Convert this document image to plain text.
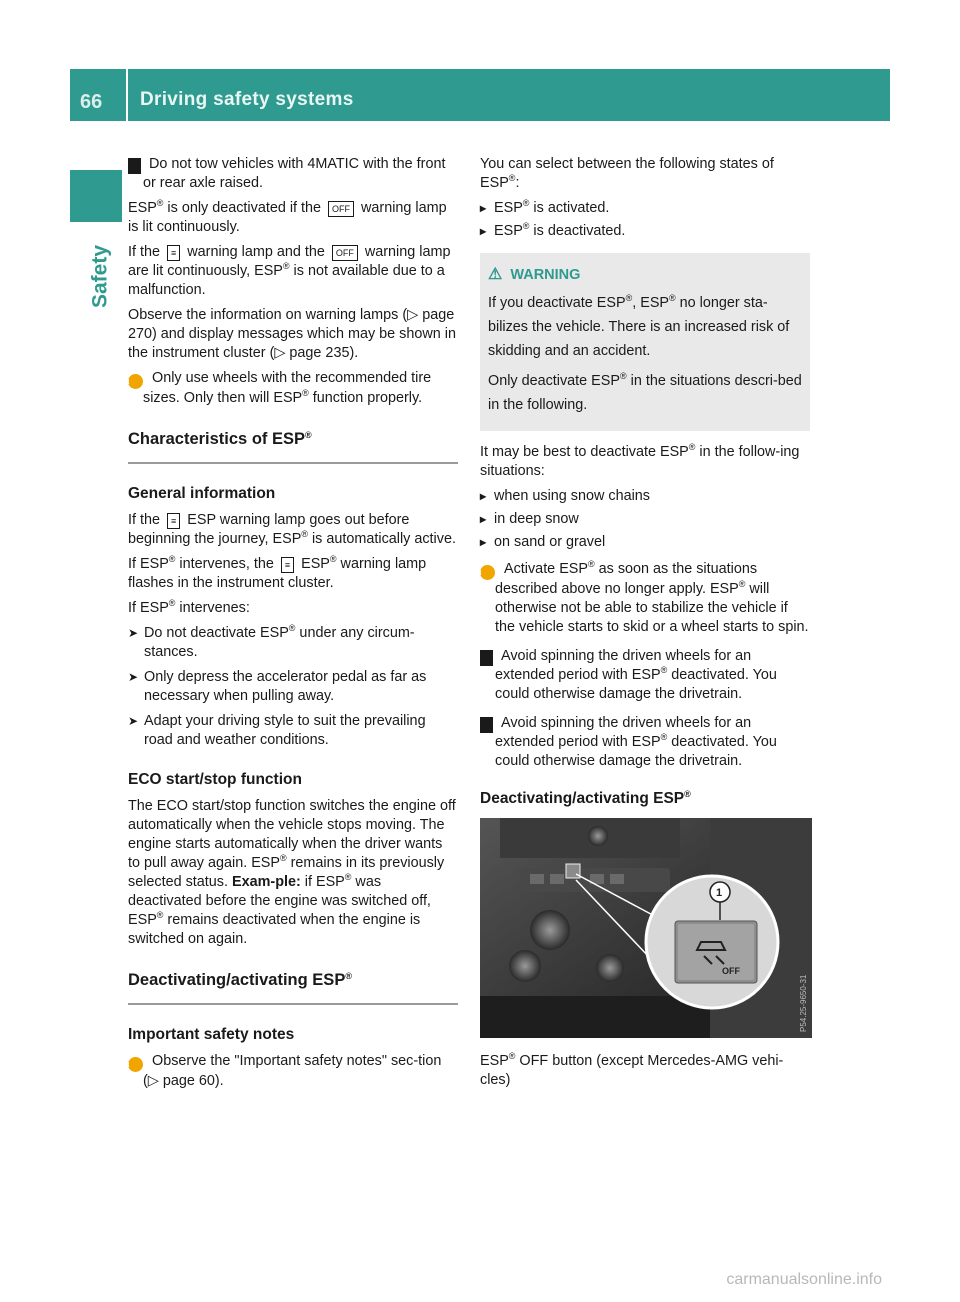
66 Driving safety systems
Safety

! Do not tow vehicles with 4MATIC with the front or rear axle raised.

ESP® is only deactivated if the OFF warning lamp is lit continuously.

If the ≡ warning lamp and the OFF warning lamp are lit continuously, ESP® is not available due to a malfunction.

Observe the information on warning lamps (▷ page 270) and display messages which may be shown in the instrument cluster (▷ page 235).

i Only use wheels with the recommended tire sizes. Only then will ESP® function properly.

Characteristics of ESP®
General information

If the ≡ ESP warning lamp goes out before beginning the journey, ESP® is automatically active.

If ESP® intervenes, the ≡ ESP® warning lamp flashes in the instrument cluster.

If ESP® intervenes:

➤ Do not deactivate ESP® under any circum-stances.

➤ Only depress the accelerator pedal as far as necessary when pulling away.

➤ Adapt your driving style to suit the prevailing road and weather conditions.

ECO start/stop function

The ECO start/stop function switches the engine off automatically when the vehicle stops moving. The engine starts automatically when the driver wants to pull away again. ESP® remains in its previously selected status. Exam-ple: if ESP® was deactivated before the engine was switched off, ESP® remains deactivated when the engine is switched on again.

Deactivating/activating ESP®
Important safety notes

i Observe the "Important safety notes" sec-tion (▷ page 60).

You can select between the following states of ESP®:

▸ ESP® is activated.

▸ ESP® is deactivated.

⚠ WARNING

If you deactivate ESP®, ESP® no longer sta-bilizes the vehicle. There is an increased risk of skidding and an accident.

Only deactivate ESP® in the situations descri-bed in the following.

It may be best to deactivate ESP® in the follow-ing situations:

▸ when using snow chains

▸ in deep snow

▸ on sand or gravel

i Activate ESP® as soon as the situations described above no longer apply. ESP® will otherwise not be able to stabilize the vehicle if the vehicle starts to skid or a wheel starts to spin.

! Avoid spinning the driven wheels for an extended period with ESP® deactivated. You could otherwise damage the drivetrain.

! Avoid spinning the driven wheels for an extended period with ESP® deactivated. You could otherwise damage the drivetrain.

Deactivating/activating ESP®
OFF
1
P54.25-9650-31

ESP® OFF button (except Mercedes-AMG vehi-cles)

carmanualsonline.info
